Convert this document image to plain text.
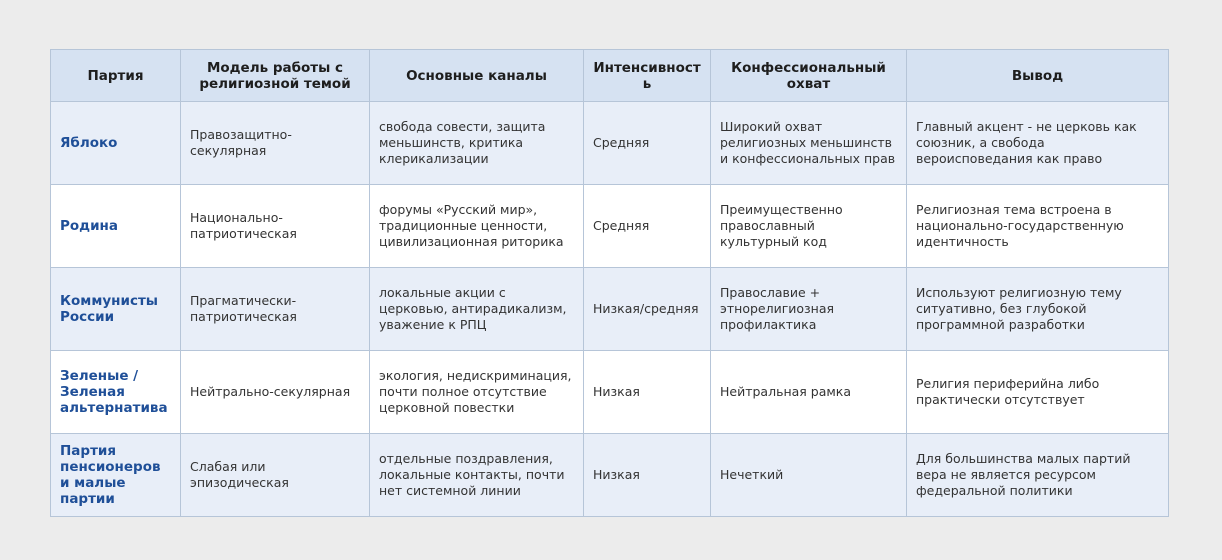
Партия	Модель работы с религиозной темой	Основные каналы	Интенсивность	Конфессиональный охват	Вывод
Яблоко	Правозащитно-секулярная	свобода совести, защита меньшинств, критика клерикализации	Средняя	Широкий охват религиозных меньшинств и конфессиональных прав	Главный акцент - не церковь как союзник, а свобода вероисповедания как право
Родина	Национально-патриотическая	форумы «Русский мир», традиционные ценности, цивилизационная риторика	Средняя	Преимущественно православный культурный код	Религиозная тема встроена в национально-государственную идентичность
Коммунисты России	Прагматически-патриотическая	локальные акции с церковью, антирадикализм, уважение к РПЦ	Низкая/средняя	Православие + этнорелигиозная профилактика	Используют религиозную тему ситуативно, без глубокой программной разработки
Зеленые / Зеленая альтернатива	Нейтрально-секулярная	экология, недискриминация, почти полное отсутствие церковной повестки	Низкая	Нейтральная рамка	Религия периферийна либо практически отсутствует
Партия пенсионеров и малые партии	Слабая или эпизодическая	отдельные поздравления, локальные контакты, почти нет системной линии	Низкая	Нечеткий	Для большинства малых партий вера не является ресурсом федеральной политики
